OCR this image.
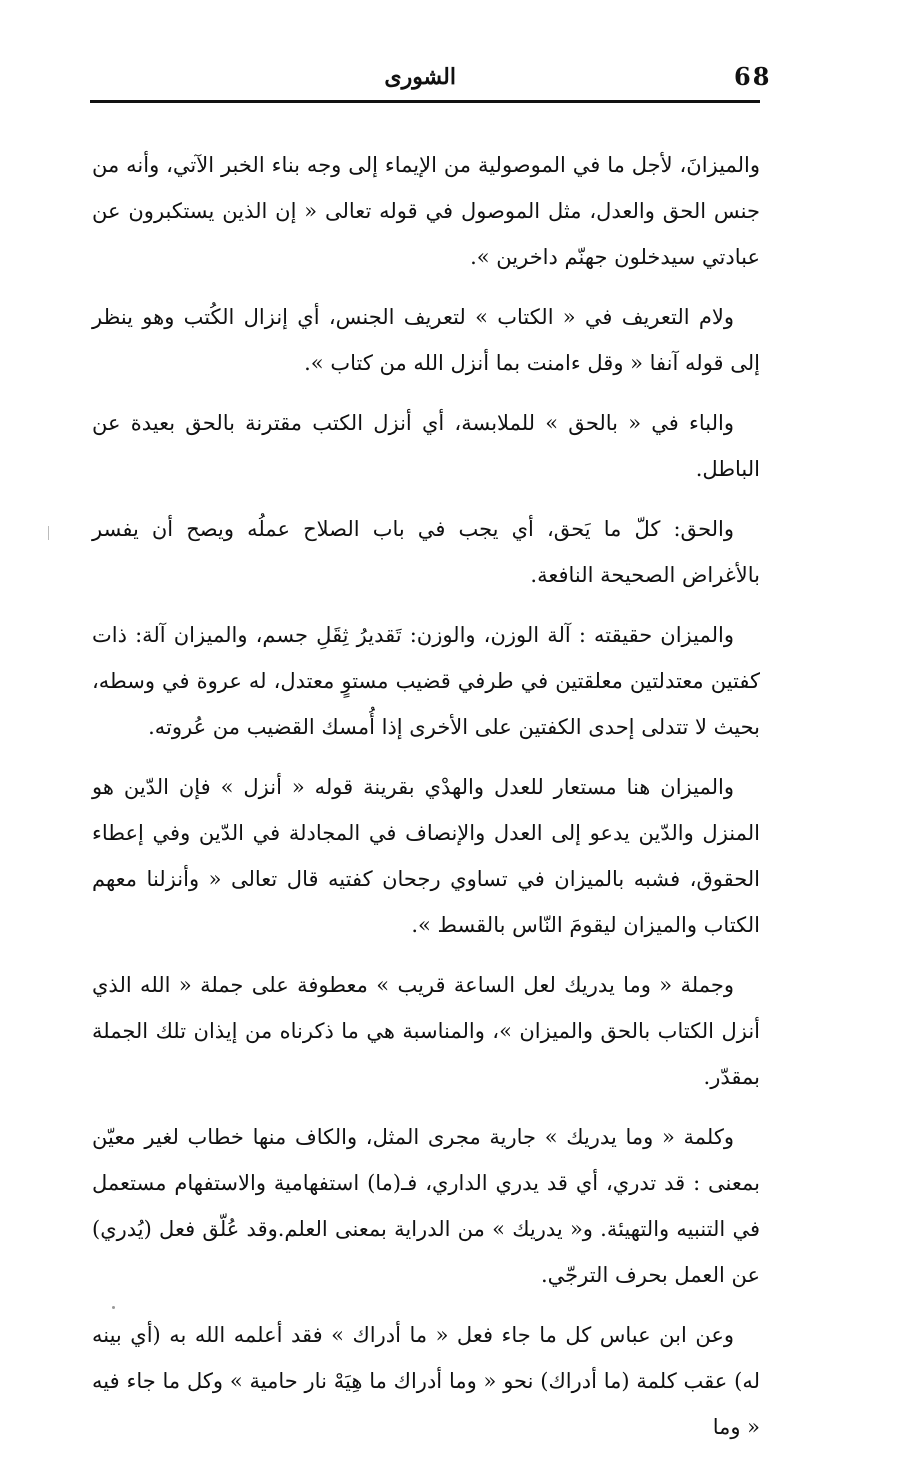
68
الشورى

والميزانَ، لأجل ما في الموصولية من الإيماء إلى وجه بناء الخبر الآتي، وأنه من جنس الحق والعدل، مثل الموصول في قوله تعالى « إن الذين يستكبرون عن عبادتي سيدخلون جهنّم داخرين ».

ولام التعريف في « الكتاب » لتعريف الجنس، أي إنزال الكُتب وهو ينظر إلى قوله آنفا « وقل ءامنت بما أنزل الله من كتاب ».

والباء في « بالحق » للملابسة، أي أنزل الكتب مقترنة بالحق بعيدة عن الباطل.

والحق: كلّ ما يَحق، أي يجب في باب الصلاح عملُه ويصح أن يفسر بالأغراض الصحيحة النافعة.

والميزان حقيقته : آلة الوزن، والوزن: تَقديرُ ثِقَلِ جسم، والميزان آلة: ذات كفتين معتدلتين معلقتين في طرفي قضيب مستوٍ معتدل، له عروة في وسطه، بحيث لا تتدلى إحدى الكفتين على الأخرى إذا أُمسك القضيب من عُروته.

والميزان هنا مستعار للعدل والهدْي بقرينة قوله « أنزل » فإن الدّين هو المنزل والدّين يدعو إلى العدل والإنصاف في المجادلة في الدّين وفي إعطاء الحقوق، فشبه بالميزان في تساوي رجحان كفتيه قال تعالى « وأنزلنا معهم الكتاب والميزان ليقومَ النّاس بالقسط ».

وجملة « وما يدريك لعل الساعة قريب » معطوفة على جملة « الله الذي أنزل الكتاب بالحق والميزان »، والمناسبة هي ما ذكرناه من إيذان تلك الجملة بمقدّر.

وكلمة « وما يدريك » جارية مجرى المثل، والكاف منها خطاب لغير معيّن بمعنى : قد تدري، أي قد يدري الداري، فـ(ما) استفهامية والاستفهام مستعمل في التنبيه والتهيئة. و« يدريك » من الدراية بمعنى العلم.وقد عُلّق فعل (يُدري) عن العمل بحرف الترجّي.

وعن ابن عباس كل ما جاء فعل « ما أدراك » فقد أعلمه الله به (أي بينه له) عقب كلمة (ما أدراك) نحو « وما أدراك ما هِيَهْ نار حامية » وكل ما جاء فيه « وما
